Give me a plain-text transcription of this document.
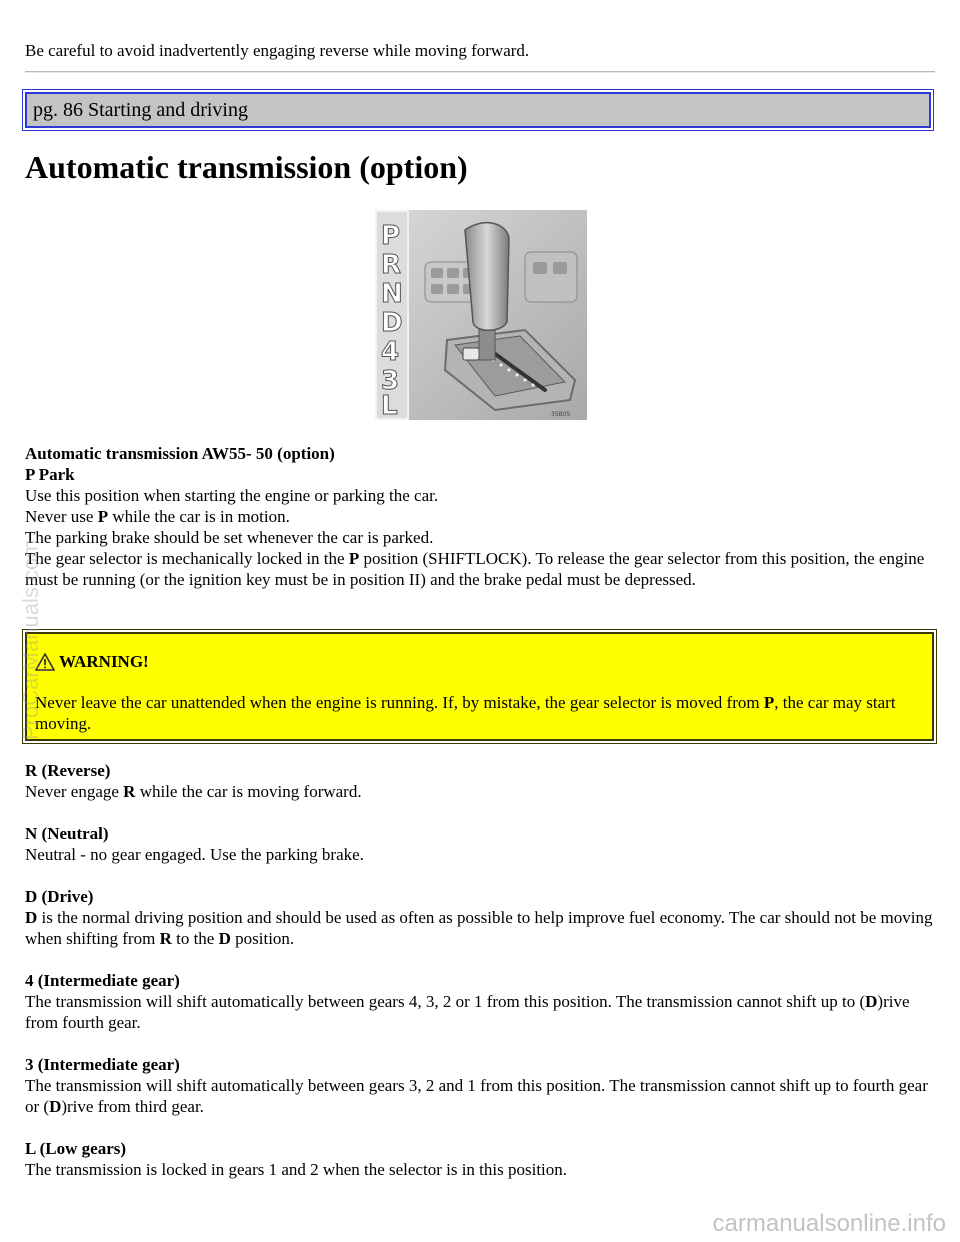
Be careful to avoid inadvertently engaging reverse while moving forward.

pg. 86 Starting and driving
Automatic transmission (option)
P
R
N
D
4
3
L	35B05

Automatic transmission AW55- 50 (option)

P Park

Use this position when starting the engine or parking the car.

Never use P while the car is in motion.

The parking brake should be set whenever the car is parked.

The gear selector is mechanically locked in the P position (SHIFTLOCK). To release the gear selector from this position, the engine must be running (or the ignition key must be in position II) and the brake pedal must be depressed.

WARNING!

Never leave the car unattended when the engine is running. If, by mistake, the gear selector is moved from P, the car may start moving.

R (Reverse)

Never engage R while the car is moving forward.

N (Neutral)

Neutral - no gear engaged. Use the parking brake.

D (Drive)

D is the normal driving position and should be used as often as possible to help improve fuel economy. The car should not be moving when shifting from R to the D position.

4 (Intermediate gear)

The transmission will shift automatically between gears 4, 3, 2 or 1 from this position. The transmission cannot shift up to (D)rive from fourth gear.

3 (Intermediate gear)

The transmission will shift automatically between gears 3, 2 and 1 from this position. The transmission cannot shift up to fourth gear or (D)rive from third gear.

L (Low gears)

The transmission is locked in gears 1 and 2 when the selector is in this position.

ProCarManuals.com
carmanualsonline.info
